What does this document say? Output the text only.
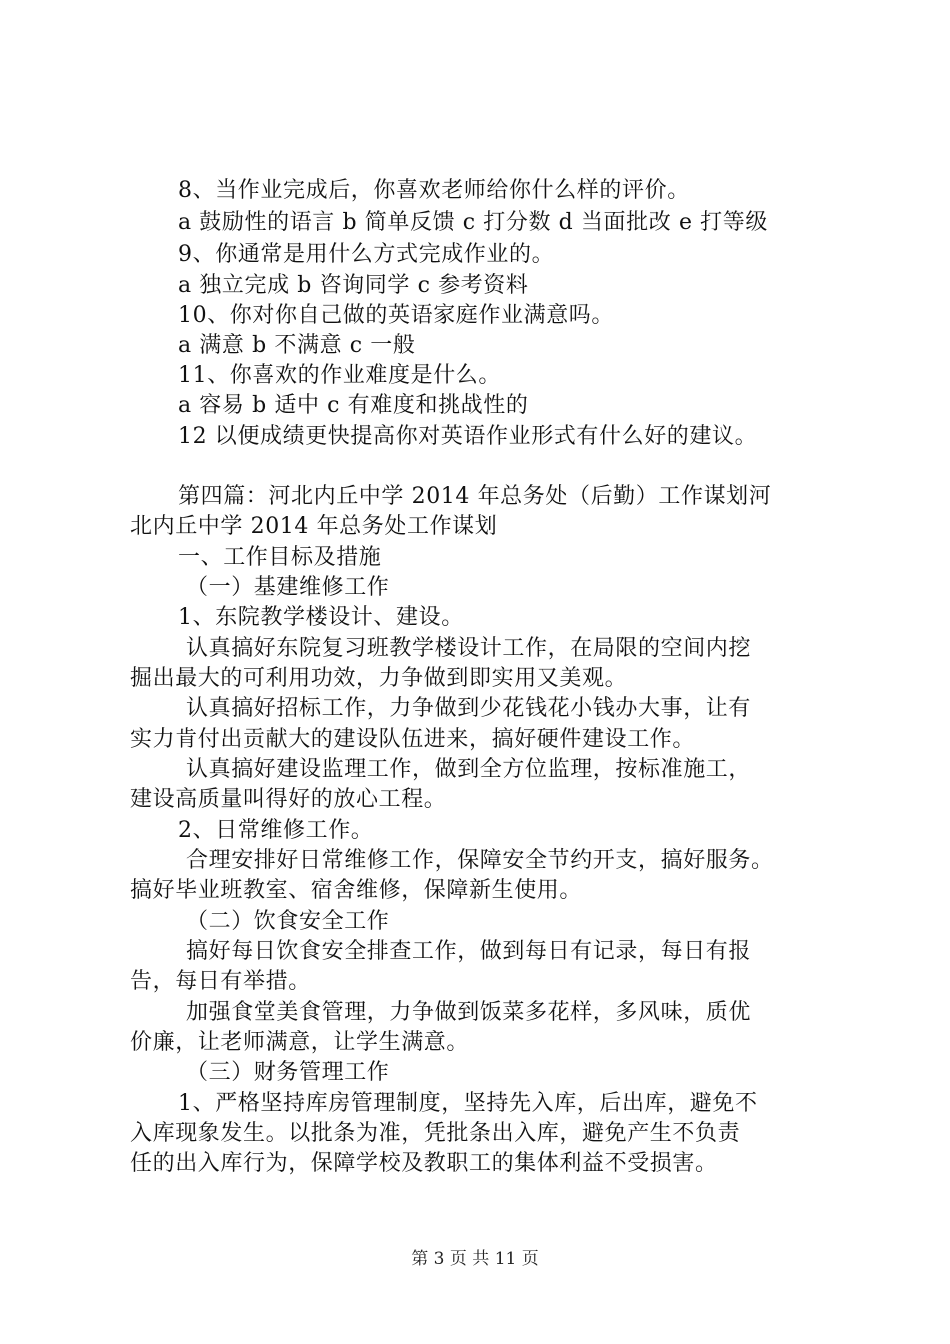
8、当作业完成后，你喜欢老师给你什么样的评价。
a 鼓励性的语言 b 简单反馈 c 打分数 d 当面批改 e 打等级
9、你通常是用什么方式完成作业的。
a 独立完成 b 咨询同学 c 参考资料
10、你对你自己做的英语家庭作业满意吗。
a 满意 b 不满意 c 一般
11、你喜欢的作业难度是什么。
a 容易 b 适中 c 有难度和挑战性的
12 以便成绩更快提高你对英语作业形式有什么好的建议。
第四篇：河北内丘中学 2014 年总务处（后勤）工作谋划河
北内丘中学 2014 年总务处工作谋划
一、工作目标及措施
（一）基建维修工作
1、东院教学楼设计、建设。
认真搞好东院复习班教学楼设计工作，在局限的空间内挖
掘出最大的可利用功效，力争做到即实用又美观。
认真搞好招标工作，力争做到少花钱花小钱办大事，让有
实力肯付出贡献大的建设队伍进来，搞好硬件建设工作。
认真搞好建设监理工作，做到全方位监理，按标准施工，
建设高质量叫得好的放心工程。
2、日常维修工作。
合理安排好日常维修工作，保障安全节约开支，搞好服务。
搞好毕业班教室、宿舍维修，保障新生使用。
（二）饮食安全工作
搞好每日饮食安全排查工作，做到每日有记录，每日有报
告，每日有举措。
加强食堂美食管理，力争做到饭菜多花样，多风味，质优
价廉，让老师满意，让学生满意。
（三）财务管理工作
1、严格坚持库房管理制度，坚持先入库，后出库，避免不
入库现象发生。以批条为准，凭批条出入库，避免产生不负责
任的出入库行为，保障学校及教职工的集体利益不受损害。
第 3 页 共 11 页
